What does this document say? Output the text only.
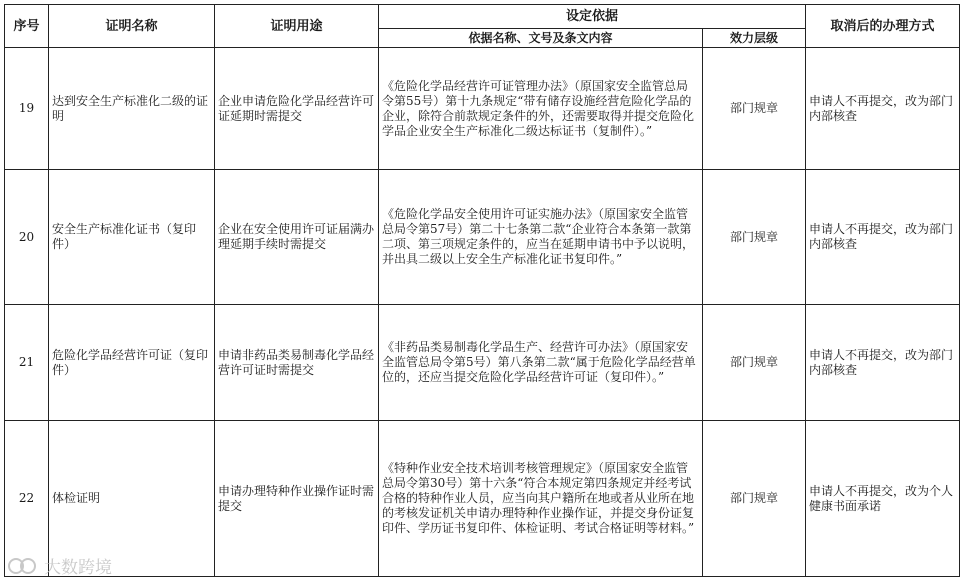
序号	证明名称	证明用途	设定依据		取消后的办理方式
			依据名称、文号及条文内容	效力层级	
19	达到安全生产标准化二级的证明	企业申请危险化学品经营许可证延期时需提交	《危险化学品经营许可证管理办法》（原国家安全监管总局令第55号）第十九条规定“带有储存设施经营危险化学品的企业，除符合前款规定条件的外，还需要取得并提交危险化学品企业安全生产标准化二级达标证书（复制件）。”	部门规章	申请人不再提交，改为部门内部核查
20	安全生产标准化证书（复印件）	企业在安全使用许可证届满办理延期手续时需提交	《危险化学品安全使用许可证实施办法》（原国家安全监管总局令第57号）第二十七条第二款“企业符合本条第一款第二项、第三项规定条件的，应当在延期申请书中予以说明，并出具二级以上安全生产标准化证书复印件。”	部门规章	申请人不再提交，改为部门内部核查
21	危险化学品经营许可证（复印件）	申请非药品类易制毒化学品经营许可证时需提交	《非药品类易制毒化学品生产、经营许可办法》（原国家安全监管总局令第5号）第八条第二款“属于危险化学品经营单位的，还应当提交危险化学品经营许可证（复印件）。”	部门规章	申请人不再提交，改为部门内部核查
22	体检证明	申请办理特种作业操作证时需提交	《特种作业安全技术培训考核管理规定》（原国家安全监管总局令第30号）第十六条“符合本规定第四条规定并经考试合格的特种作业人员，应当向其户籍所在地或者从业所在地的考核发证机关申请办理特种作业操作证，并提交身份证复印件、学历证书复印件、体检证明、考试合格证明等材料。”	部门规章	申请人不再提交，改为个人健康书面承诺
大数跨境
